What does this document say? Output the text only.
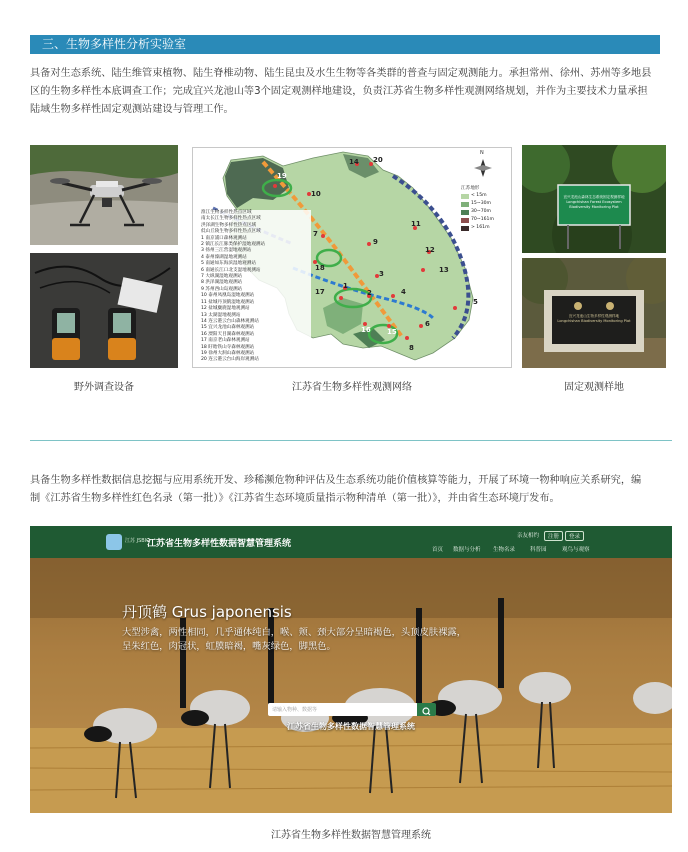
三、生物多样性分析实验室
具备对生态系统、陆生维管束植物、陆生脊椎动物、陆生昆虫及水生生物等各类群的普查与固定观测能力。承担常州、徐州、苏州等多地县
区的生物多样性本底调查工作；完成宜兴龙池山等3个固定观测样地建设，负责江苏省生物多样性观测网络规划，并作为主要技术力量承担
陆域生物多样性固定观测站建设与管理工作。
野外调查设备
1
2
3
4
5
6
7
8
9
10
11
12
13
14
15
16
17
18
19
20
N
江苏地形
< 15m
15~30m
30~70m
70~161m
> 161m
淮江生物多样性热点区域
南太长江生物多样性热点区域
洪泽湖生物多样性热点区域
低山丘陵生物多样性热点区域
1 南京浦口森林观测站
2 镇江长江豚类保护湿地观测站
3 扬州三江营湿地观测站
4 泰州溱湖湿地观测站
5 南通如东海滨湿地观测站
6 南通长江口北支湿地观测站
7 大纵湖湿地观测站
8 洪泽湖湿地观测站
9 苏州西山岛观测站
10 泰州凤凰岛湿地观测站
11 盐城丹顶鹤湿地观测站
12 盐城麋鹿湿地观测站
13 太湖湿地观测站
14 连云港云台山森林观测站
15 宜兴龙池山森林观测站
16 溧阳天目湖森林观测站
17 南京老山森林观测站
18 盱眙铁山寺森林观测站
19 徐州大洞山森林观测站
20 连云港云台山海岸观测站
江苏省生物多样性观测网络
宜兴龙池山森林生态系统固定观测样地
Longchishan Forest Ecosystem Biodiversity Monitoring Plot
宜兴龙池山生物多样性观测样地
Longchishan Biodiversity Monitoring Plot
固定观测样地
具备生物多样性数据信息挖掘与应用系统开发、珍稀濒危物种评估及生态系统功能价值核算等能力，开展了环境一物种响应关系研究，编
制《江苏省生物多样性红色名录（第一批）》《江苏省生态环境质量指示物种清单（第一批）》，并由省生态环境厅发布。
江苏 JSBIO
江苏省生物多样性数据智慧管理系统
亲友相约	注册	登录
首页 数据与分析 生物名录	科普园	观鸟与观察
丹顶鹤 Grus japonensis
大型涉禽，两性相同，几乎通体纯白，喉、颊、颈大部分呈暗褐色，头顶皮肤裸露，
呈朱红色，肉冠状，虹膜暗褐，嘴灰绿色，脚黑色。
请输入物种、数据等
江苏省生物多样性数据智慧管理系统
江苏省生物多样性数据智慧管理系统
